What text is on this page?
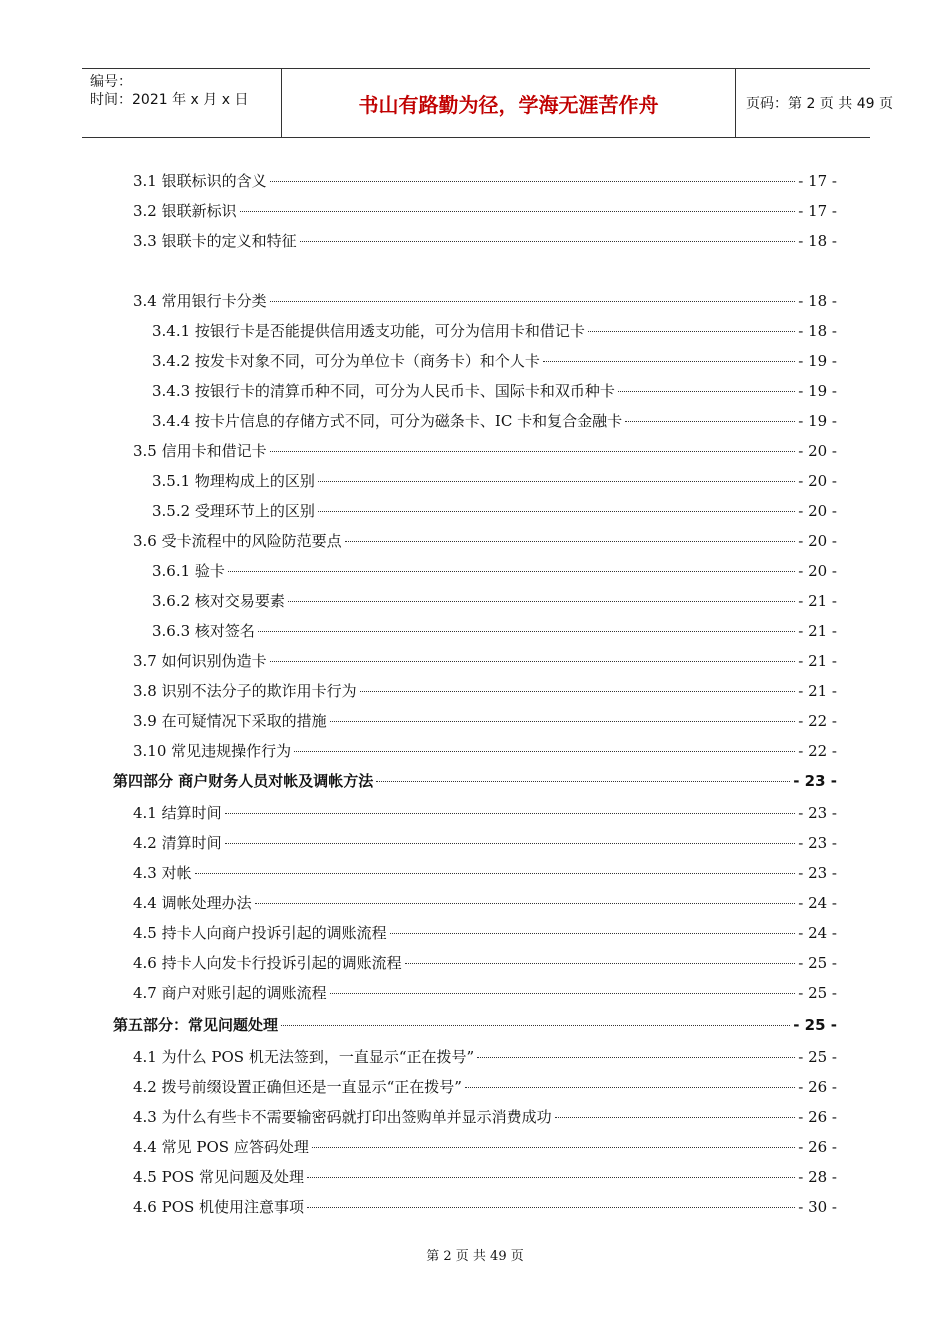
编号：
时间：2021 年 x 月 x 日	书山有路勤为径，学海无涯苦作舟	页码：第 2 页 共 49 页
3.1 银联标识的含义	- 17 -
3.2 银联新标识	- 17 -
3.3 银联卡的定义和特征	- 18 -
3.4 常用银行卡分类	- 18 -
3.4.1 按银行卡是否能提供信用透支功能，可分为信用卡和借记卡	- 18 -
3.4.2 按发卡对象不同，可分为单位卡（商务卡）和个人卡	- 19 -
3.4.3 按银行卡的清算币种不同，可分为人民币卡、国际卡和双币种卡	- 19 -
3.4.4 按卡片信息的存储方式不同，可分为磁条卡、IC 卡和复合金融卡	- 19 -
3.5 信用卡和借记卡	- 20 -
3.5.1 物理构成上的区别	- 20 -
3.5.2 受理环节上的区别	- 20 -
3.6 受卡流程中的风险防范要点	- 20 -
3.6.1 验卡	- 20 -
3.6.2 核对交易要素	- 21 -
3.6.3 核对签名	- 21 -
3.7 如何识别伪造卡	- 21 -
3.8 识别不法分子的欺诈用卡行为	- 21 -
3.9 在可疑情况下采取的措施	- 22 -
3.10 常见违规操作行为	- 22 -
第四部分 商户财务人员对帐及调帐方法	- 23 -
4.1 结算时间	- 23 -
4.2 清算时间	- 23 -
4.3 对帐	- 23 -
4.4 调帐处理办法	- 24 -
4.5 持卡人向商户投诉引起的调账流程	- 24 -
4.6 持卡人向发卡行投诉引起的调账流程	- 25 -
4.7 商户对账引起的调账流程	- 25 -
第五部分：常见问题处理	- 25 -
4.1 为什么 POS 机无法签到，一直显示“正在拨号”	- 25 -
4.2 拨号前缀设置正确但还是一直显示“正在拨号”	- 26 -
4.3 为什么有些卡不需要输密码就打印出签购单并显示消费成功	- 26 -
4.4 常见 POS 应答码处理	- 26 -
4.5 POS 常见问题及处理	- 28 -
4.6 POS 机使用注意事项	- 30 -
第 2 页 共 49 页
